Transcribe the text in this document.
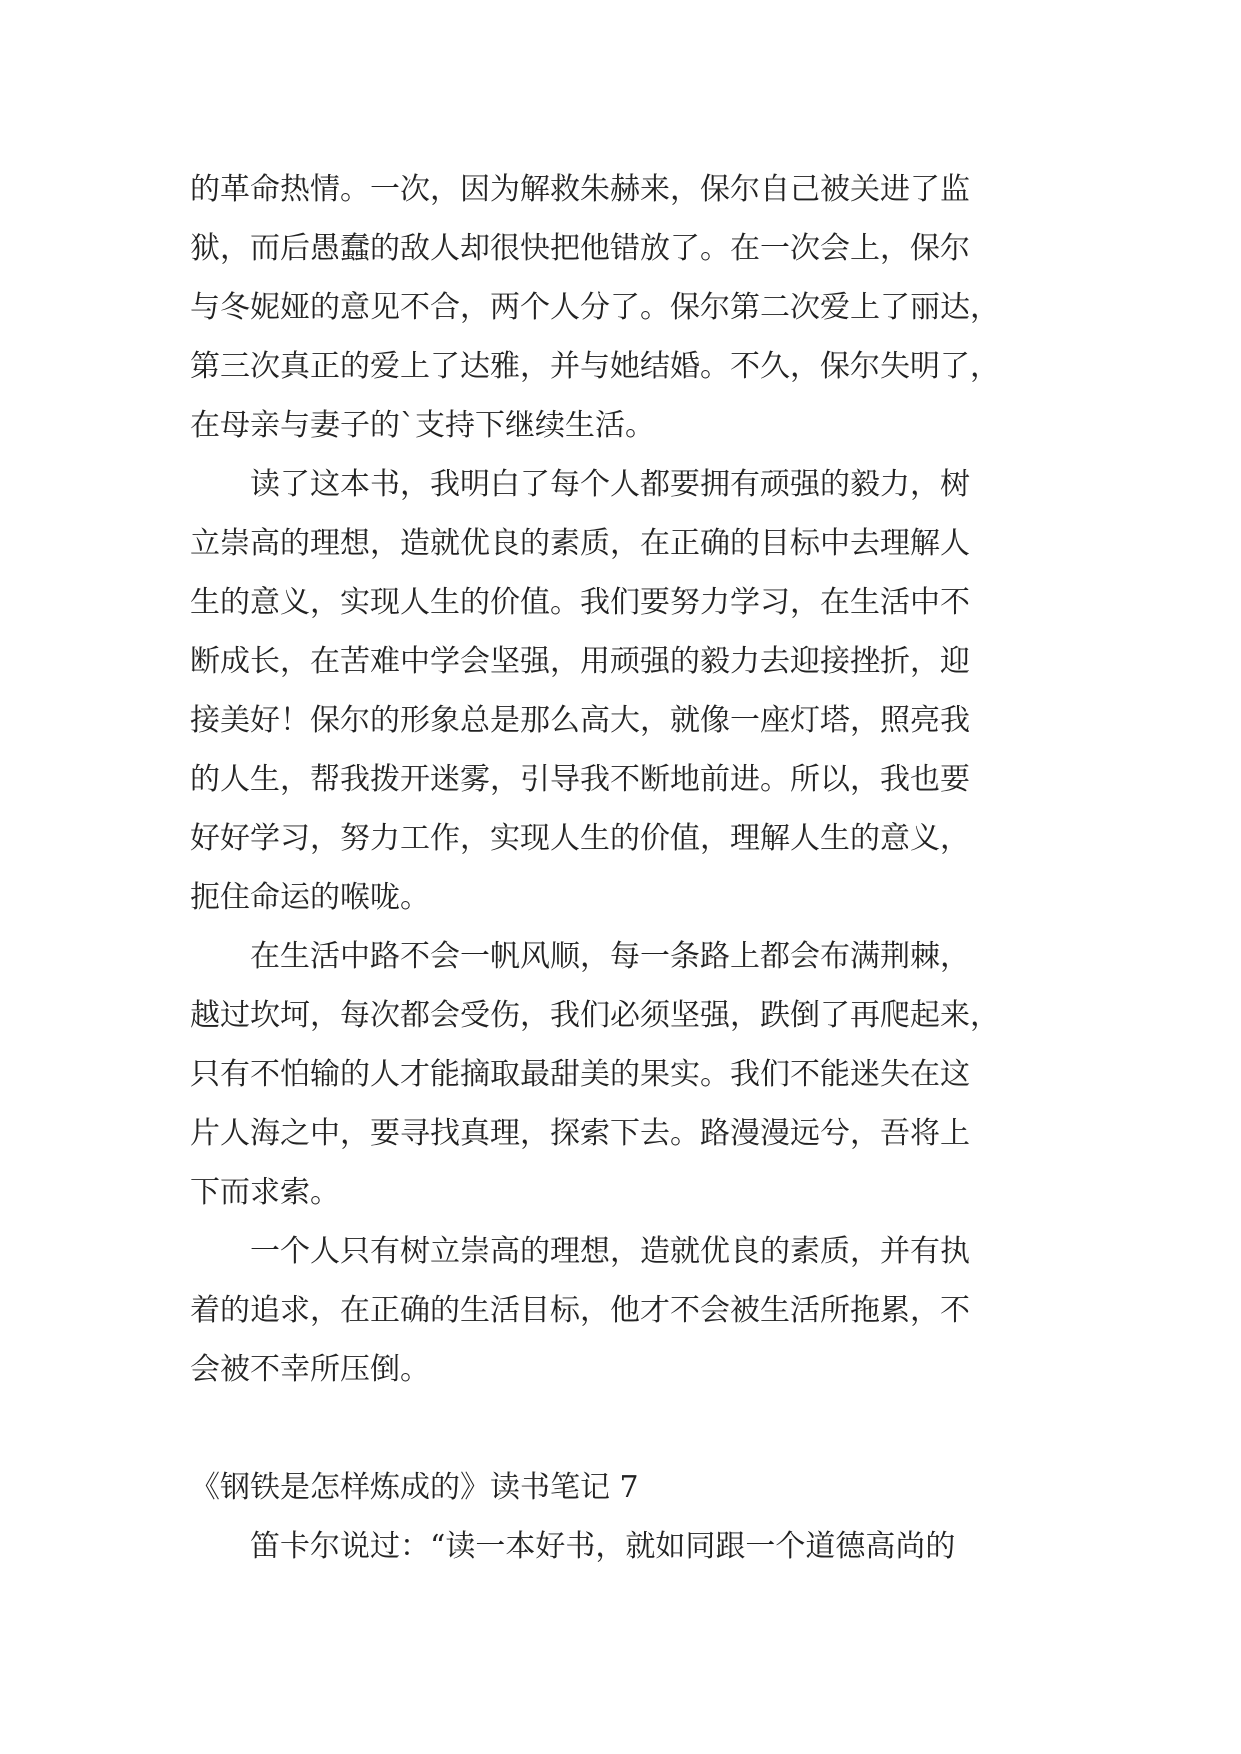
的革命热情。一次，因为解救朱赫来，保尔自己被关进了监
狱，而后愚蠢的敌人却很快把他错放了。在一次会上，保尔
与冬妮娅的意见不合，两个人分了。保尔第二次爱上了丽达，
第三次真正的爱上了达雅，并与她结婚。不久，保尔失明了，
在母亲与妻子的`支持下继续生活。
　　读了这本书，我明白了每个人都要拥有顽强的毅力，树
立崇高的理想，造就优良的素质，在正确的目标中去理解人
生的意义，实现人生的价值。我们要努力学习，在生活中不
断成长，在苦难中学会坚强，用顽强的毅力去迎接挫折，迎
接美好！保尔的形象总是那么高大，就像一座灯塔，照亮我
的人生，帮我拨开迷雾，引导我不断地前进。所以，我也要
好好学习，努力工作，实现人生的价值，理解人生的意义，
扼住命运的喉咙。
　　在生活中路不会一帆风顺，每一条路上都会布满荆棘，
越过坎坷，每次都会受伤，我们必须坚强，跌倒了再爬起来，
只有不怕输的人才能摘取最甜美的果实。我们不能迷失在这
片人海之中，要寻找真理，探索下去。路漫漫远兮，吾将上
下而求索。
　　一个人只有树立崇高的理想，造就优良的素质，并有执
着的追求，在正确的生活目标，他才不会被生活所拖累，不
会被不幸所压倒。
《钢铁是怎样炼成的》读书笔记 7
　　笛卡尔说过：“读一本好书，就如同跟一个道德高尚的
